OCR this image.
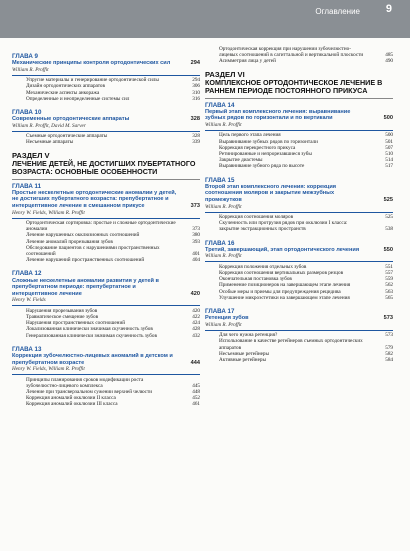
Оглавление 9
ГЛАВА 9
Механические принципы контроля ортодонтических сил	294
William R. Proffit
Упругие материалы и генерирование ортодонтической силы	294
Дизайн ортодонтических аппаратов	306
Механические аспекты анкоража	310
Определенные и неопределенные системы сил	316
ГЛАВА 10
Современные ортодонтические аппараты	328
William R. Proffit, David M. Sarver
Съемные ортодонтические аппараты	328
Несъемные аппараты	339
РАЗДЕЛ V
ЛЕЧЕНИЕ ДЕТЕЙ, НЕ ДОСТИГШИХ ПУБЕРТАТНОГО ВОЗРАСТА: ОСНОВНЫЕ ОСОБЕННОСТИ
ГЛАВА 11
Простые нескелетные ортодонтические аномалии у детей, не достигших пубертатного возраста: препубертатное и интерцептивное лечение в смешанном прикусе	373
Henry W. Fields, William R. Proffit
Ортодонтическая сортировка: простые и сложные ортодонтические аномалии	373
Лечение нарушенных окклюзионных соотношений	380
Лечение аномалий прорезывания зубов	393
Обследование пациентов с нарушениями пространственных соотношений	401
Лечение нарушений пространственных соотношений	404
ГЛАВА 12
Сложные нескелетные аномалии развития у детей в препубертатном периоде: препубертатное и интерцептивное лечение	420
Henry W. Fields
Нарушения прорезывания зубов	420
Травматическое смещение зубов	422
Нарушения пространственных соотношений	424
Локализованная клинически значимая скученность зубов	428
Генерализованная клинически значимая скученность зубов	432
ГЛАВА 13
Коррекция зубочелюстно-лицевых аномалий в детском и препубертатном возрасте	444
Henry W. Fields, William R. Proffit
Принципы планирования сроков модификации роста зубочелюстно-лицевого комплекса	445
Лечение при трансверзальном сужении верхней челюсти	448
Коррекция аномалий окклюзии II класса	452
Коррекция аномалий окклюзии III класса	461
Ортодонтическая коррекция при нарушении зубочелюстно-лицевых соотношений в сагиттальной и вертикальной плоскости	485
Асимметрия лица у детей	490
РАЗДЕЛ VI
КОМПЛЕКСНОЕ ОРТОДОНТИЧЕСКОЕ ЛЕЧЕНИЕ В РАННЕМ ПЕРИОДЕ ПОСТОЯННОГО ПРИКУСА
ГЛАВА 14
Первый этап комплексного лечения: выравнивание зубных рядов по горизонтали и по вертикали	500
William R. Proffit
Цель первого этапа лечения	500
Выравнивание зубных рядов по горизонтали	501
Коррекция перекрестного прикуса	507
Ретинированные и непрорезавшиеся зубы	510
Закрытие диастемы	514
Выравнивание зубного ряда по высоте	517
ГЛАВА 15
Второй этап комплексного лечения: коррекция соотношения моляров и закрытие межзубных промежутков	525
William R. Proffit
Коррекция соотношения моляров	525
Скученность или протрузия рядов при окклюзии I класса: закрытие экстракционных пространств	538
ГЛАВА 16
Третий, завершающий, этап ортодонтического лечения	550
William R. Proffit
Коррекция положения отдельных зубов	551
Коррекция соотношения вертикальных размеров резцов	557
Окончательная постановка зубов	559
Применение позиционеров на завершающем этапе лечения	562
Особые меры и приемы для предупреждения рецидива	563
Улучшение микроэстетики на завершающем этапе лечения	565
ГЛАВА 17
Ретенция зубов	573
William R. Proffit
Для чего нужна ретенция?	573
Использование в качестве ретейнеров съемных ортодонтических аппаратов	579
Несъемные ретейнеры	582
Активные ретейнеры	584
